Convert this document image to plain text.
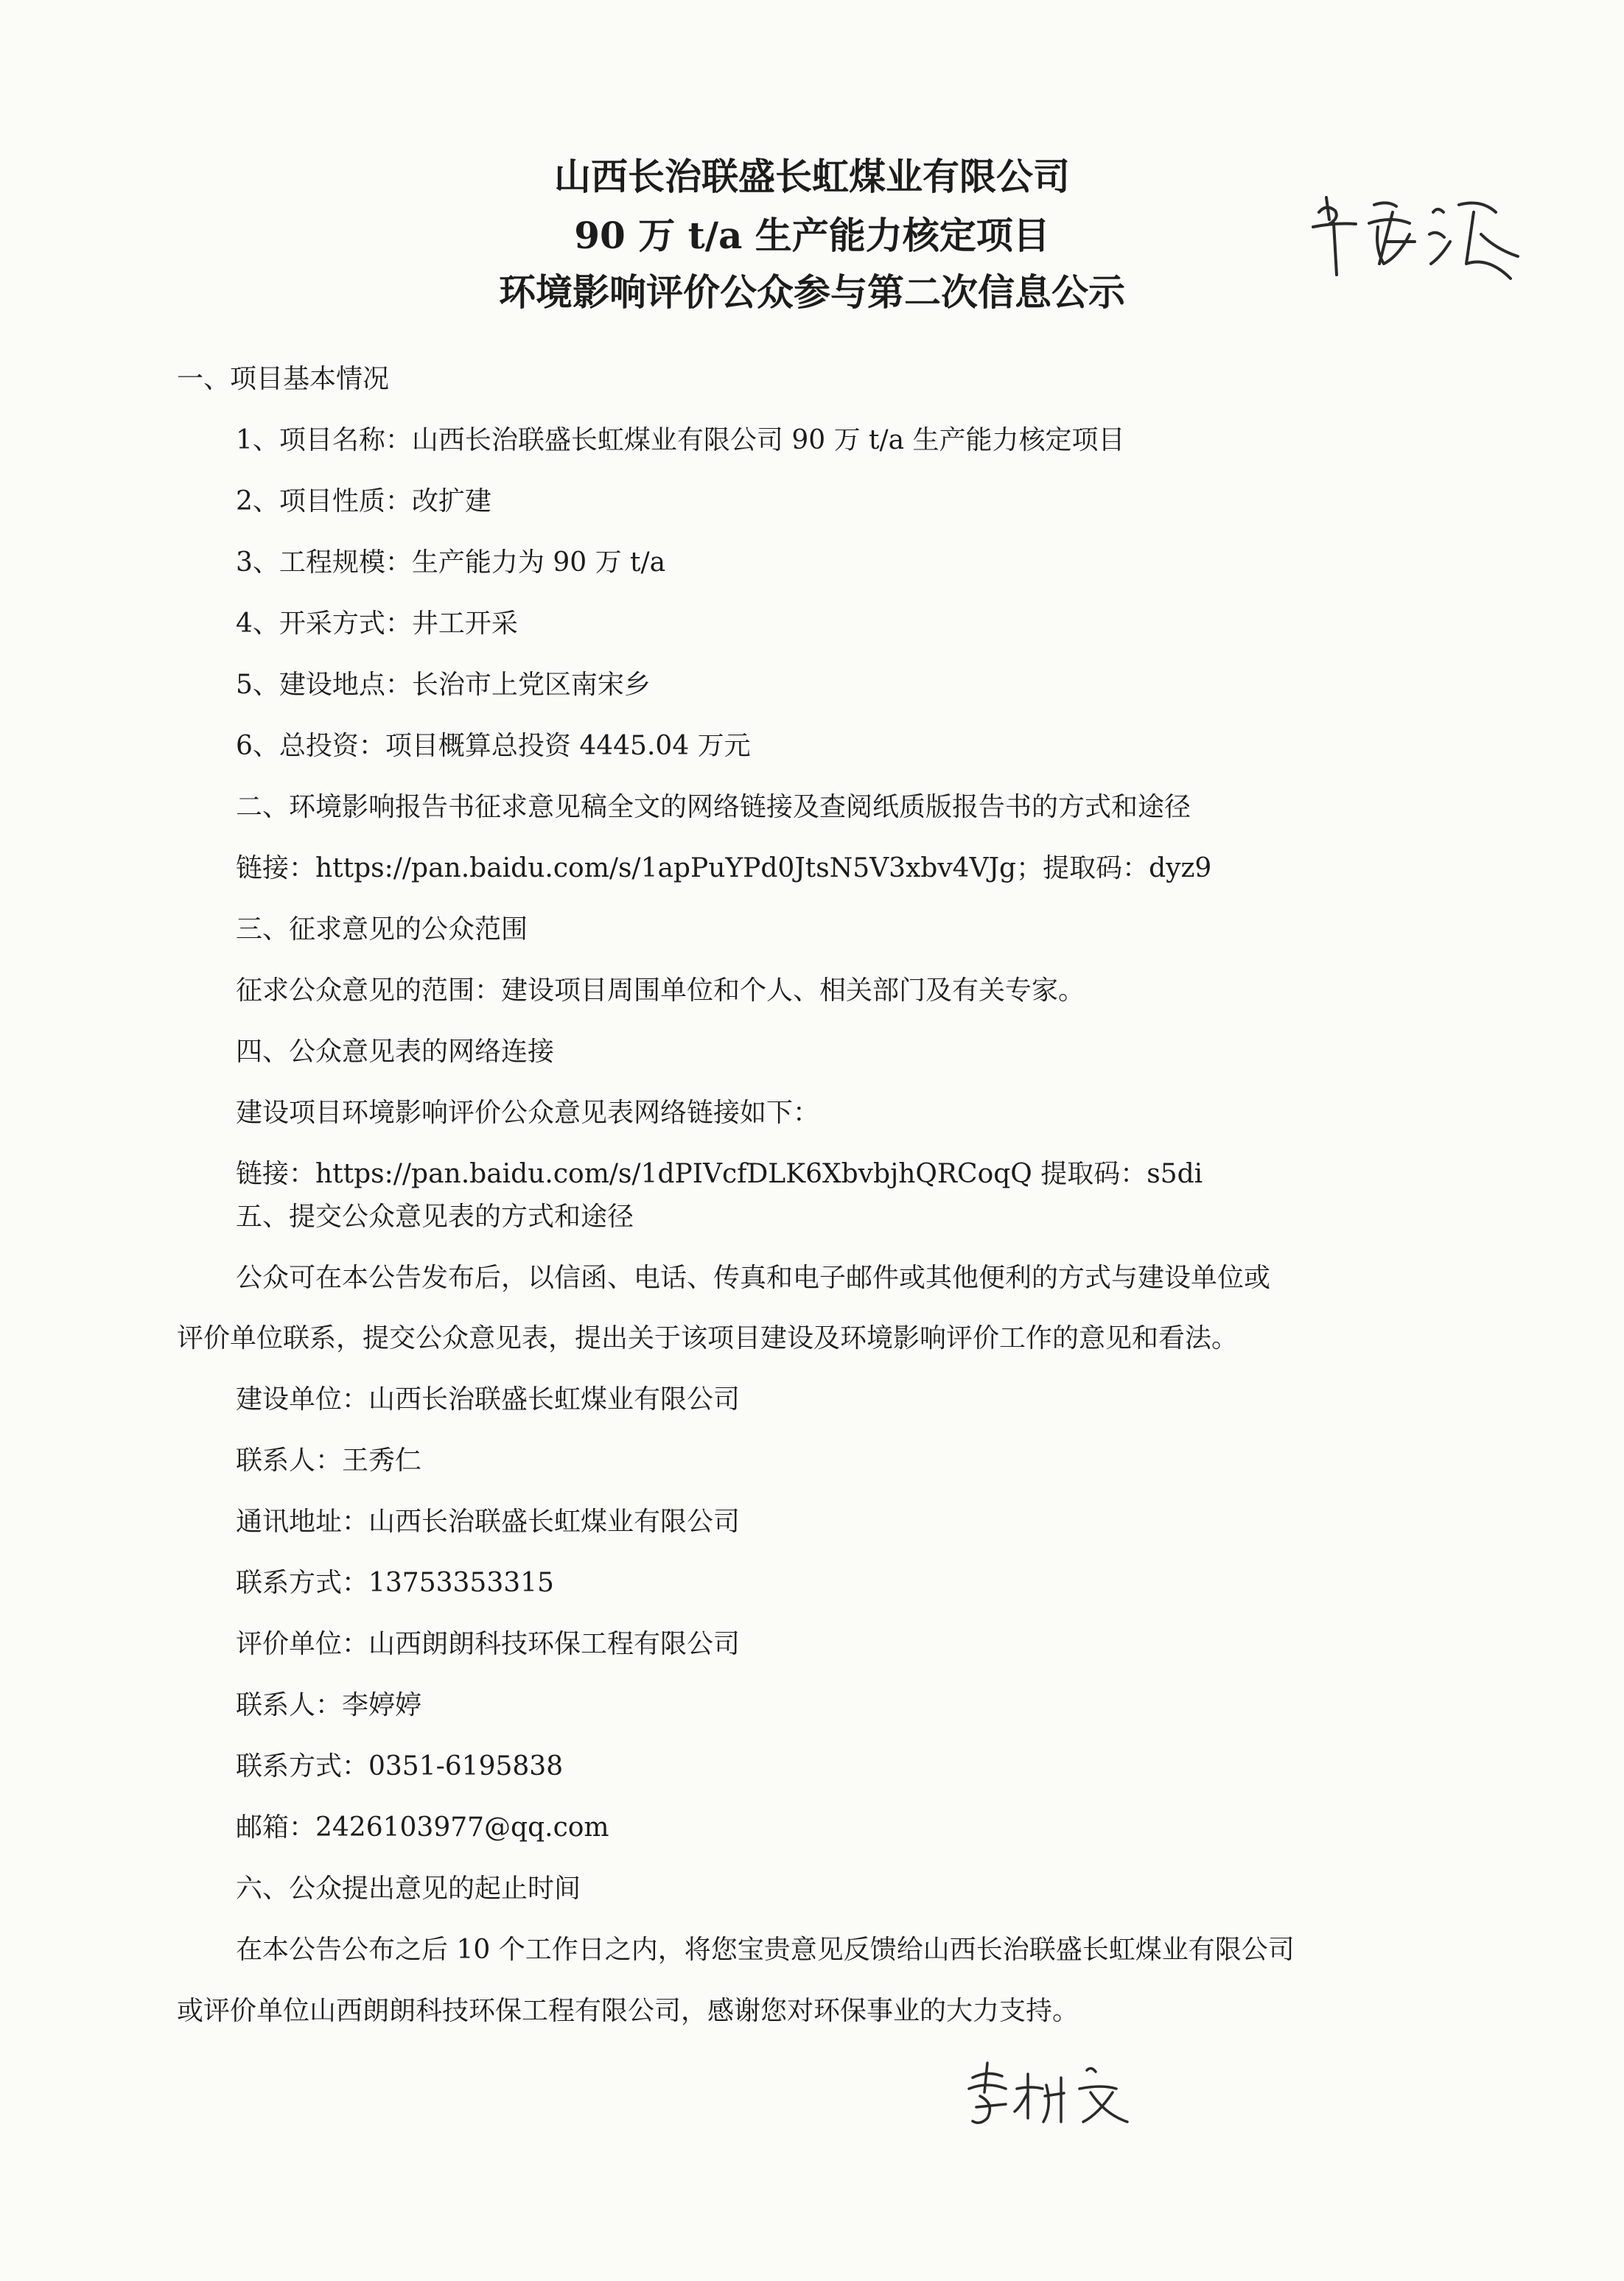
山西长治联盛长虹煤业有限公司
90 万 t/a 生产能力核定项目
环境影响评价公众参与第二次信息公示
一、项目基本情况
1、项目名称：山西长治联盛长虹煤业有限公司 90 万 t/a 生产能力核定项目
2、项目性质：改扩建
3、工程规模：生产能力为 90 万 t/a
4、开采方式：井工开采
5、建设地点：长治市上党区南宋乡
6、总投资：项目概算总投资 4445.04 万元
二、环境影响报告书征求意见稿全文的网络链接及查阅纸质版报告书的方式和途径
链接：https://pan.baidu.com/s/1apPuYPd0JtsN5V3xbv4VJg；提取码：dyz9
三、征求意见的公众范围
征求公众意见的范围：建设项目周围单位和个人、相关部门及有关专家。
四、公众意见表的网络连接
建设项目环境影响评价公众意见表网络链接如下：
链接：https://pan.baidu.com/s/1dPIVcfDLK6XbvbjhQRCoqQ 提取码：s5di
五、提交公众意见表的方式和途径
公众可在本公告发布后，以信函、电话、传真和电子邮件或其他便利的方式与建设单位或
评价单位联系，提交公众意见表，提出关于该项目建设及环境影响评价工作的意见和看法。
建设单位：山西长治联盛长虹煤业有限公司
联系人：王秀仁
通讯地址：山西长治联盛长虹煤业有限公司
联系方式：13753353315
评价单位：山西朗朗科技环保工程有限公司
联系人：李婷婷
联系方式：0351-6195838
邮箱：2426103977@qq.com
六、公众提出意见的起止时间
在本公告公布之后 10 个工作日之内，将您宝贵意见反馈给山西长治联盛长虹煤业有限公司
或评价单位山西朗朗科技环保工程有限公司，感谢您对环保事业的大力支持。
